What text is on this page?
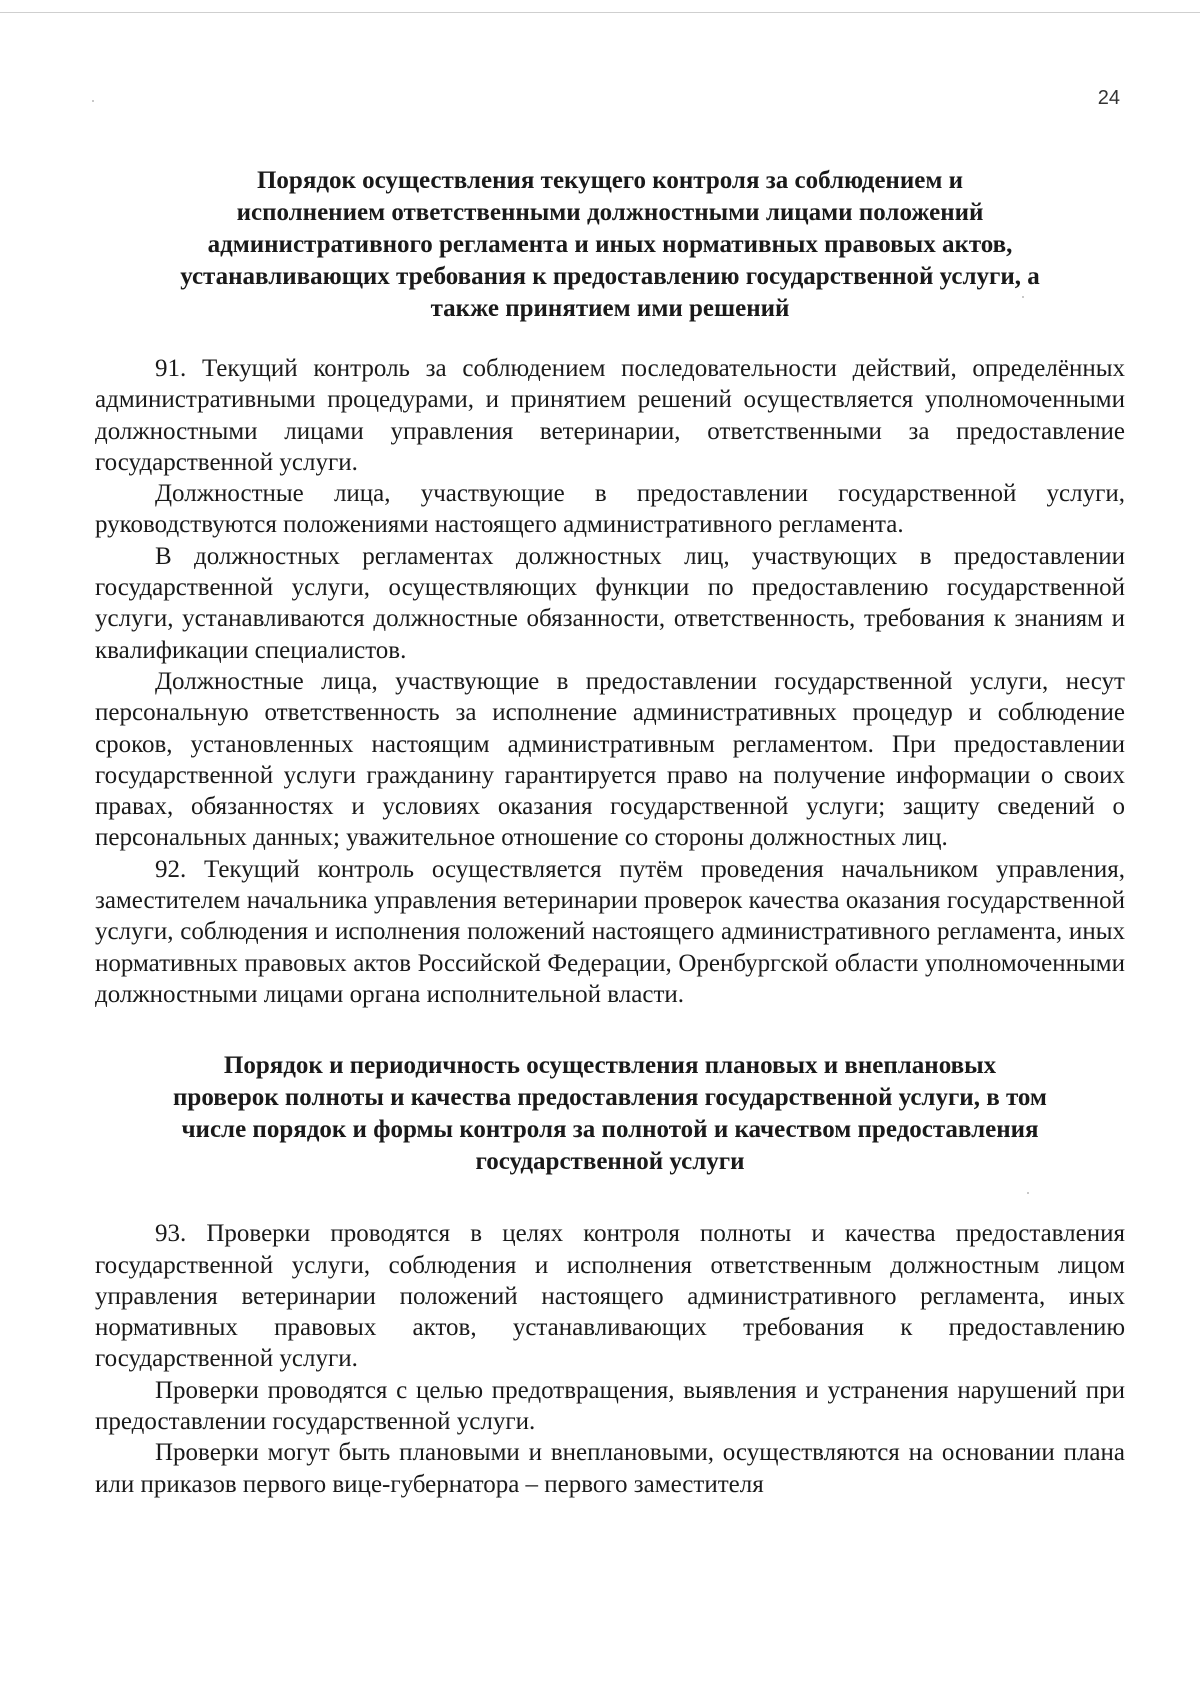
24
Порядок осуществления текущего контроля за соблюдением и
исполнением ответственными должностными лицами положений
административного регламента и иных нормативных правовых актов,
устанавливающих требования к предоставлению государственной услуги, а
также принятием ими решений

91. Текущий контроль за соблюдением последовательности действий, определённых административными процедурами, и принятием решений осуществляется уполномоченными должностными лицами управления ветеринарии, ответственными за предоставление государственной услуги.

Должностные лица, участвующие в предоставлении государственной услуги, руководствуются положениями настоящего административного регламента.

В должностных регламентах должностных лиц, участвующих в предоставлении государственной услуги, осуществляющих функции по предоставлению государственной услуги, устанавливаются должностные обязанности, ответственность, требования к знаниям и квалификации специалистов.

Должностные лица, участвующие в предоставлении государственной услуги, несут персональную ответственность за исполнение административных процедур и соблюдение сроков, установленных настоящим административным регламентом. При предоставлении государственной услуги гражданину гарантируется право на получение информации о своих правах, обязанностях и условиях оказания государственной услуги; защиту сведений о персональных данных; уважительное отношение со стороны должностных лиц.

92. Текущий контроль осуществляется путём проведения начальником управления, заместителем начальника управления ветеринарии проверок качества оказания государственной услуги, соблюдения и исполнения положений настоящего административного регламента, иных нормативных правовых актов Российской Федерации, Оренбургской области уполномоченными должностными лицами органа исполнительной власти.

Порядок и периодичность осуществления плановых и внеплановых
проверок полноты и качества предоставления государственной услуги, в том
числе порядок и формы контроля за полнотой и качеством предоставления
государственной услуги

93. Проверки проводятся в целях контроля полноты и качества предоставления государственной услуги, соблюдения и исполнения ответственным должностным лицом управления ветеринарии положений настоящего административного регламента, иных нормативных правовых актов, устанавливающих требования к предоставлению государственной услуги.

Проверки проводятся с целью предотвращения, выявления и устранения нарушений при предоставлении государственной услуги.

Проверки могут быть плановыми и внеплановыми, осуществляются на основании плана или приказов первого вице-губернатора – первого заместителя
